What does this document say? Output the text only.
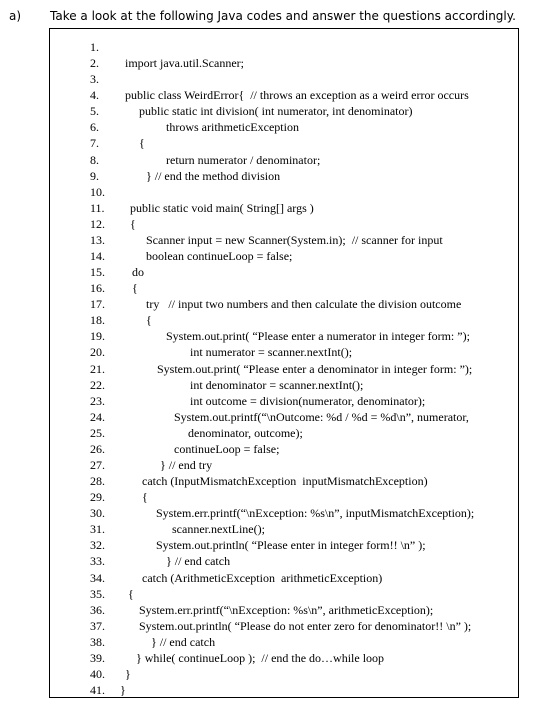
a) Take a look at the following Java codes and answer the questions accordingly.
1.
2. import java.util.Scanner;
3.
4. public class WeirdError{  // throws an exception as a weird error occurs
5.	public static int division( int numerator, int denominator)
6.	throws arithmeticException
7.	{
8.	return numerator / denominator;
9.	} // end the method division
10.
11. public static void main( String[] args )
12. {
13.	Scanner input = new Scanner(System.in);  // scanner for input
14.	boolean continueLoop = false;
15. do
16. {
17.	try   // input two numbers and then calculate the division outcome
18.	{
19.	System.out.print( “Please enter a numerator in integer form: ”);
20.	int numerator = scanner.nextInt();
21.	System.out.print( “Please enter a denominator in integer form: ”);
22.	int denominator = scanner.nextInt();
23.	int outcome = division(numerator, denominator);
24.	System.out.printf(“\nOutcome: %d / %d = %d\n”, numerator,
25.	denominator, outcome);
26.	continueLoop = false;
27.	} // end try
28.	catch (InputMismatchException  inputMismatchException)
29.	{
30.	System.err.printf(“\nException: %s\n”, inputMismatchException);
31.	scanner.nextLine();
32.	System.out.println( “Please enter in integer form!! \n” );
33.	} // end catch
34.	catch (ArithmeticException  arithmeticException)
35. {
36.	System.err.printf(“\nException: %s\n”, arithmeticException);
37.	System.out.println( “Please do not enter zero for denominator!! \n” );
38.	} // end catch
39.	} while( continueLoop );  // end the do…while loop
40. }
41. }
